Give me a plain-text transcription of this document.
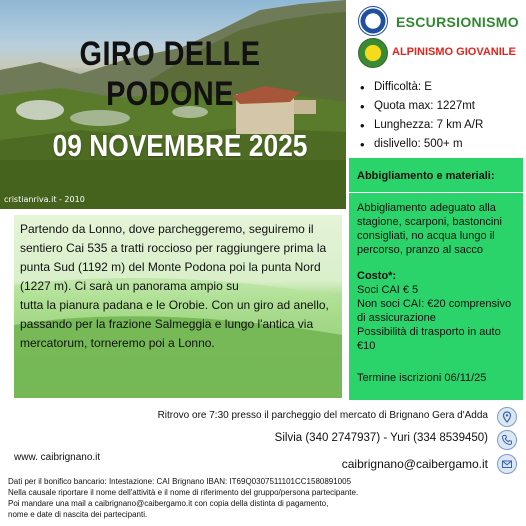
cristianriva.it - 2010
GIRO DELLE PODONE
09 NOVEMBRE 2025
ESCURSIONISMO
ALPINISMO GIOVANILE
• Difficoltà: E
• Quota max: 1227mt
• Lunghezza: 7 km A/R
• dislivello: 500+ m
Abbigliamento e materiali:
Abbigliamento adeguato alla stagione, scarponi, bastoncini consigliati, no acqua lungo il percorso, pranzo al sacco
Costo*:
Soci CAI € 5
Non soci CAI: €20 comprensivo di assicurazione
Possibilità di trasporto in auto €10
Termine iscrizioni 06/11/25
Partendo da Lonno, dove parcheggeremo, seguiremo il sentiero Cai 535 a tratti roccioso per raggiungere prima la punta Sud (1192 m) del Monte Podona poi la punta Nord (1227 m). Ci sarà un panorama ampio su
tutta la pianura padana e le Orobie. Con un giro ad anello, passando per la frazione Salmeggia e lungo l'antica via mercatorum, torneremo poi a Lonno.
Ritrovo ore 7:30 presso il parcheggio del mercato di Brignano Gera d'Adda
Silvia (340 2747937) - Yuri (334 8539450)
www. caibrignano.it	caibrignano@caibergamo.it
Dati per il bonifico bancario: Intestazione: CAI Brignano IBAN: IT69Q0307511101CC1580891005
Nella causale riportare il nome dell'attività e il nome di riferimento del gruppo/persona partecipante.
Poi mandare una mail a caibrignano@caibergamo.it con copia della distinta di pagamento,
nome e date di nascita dei partecipanti.
